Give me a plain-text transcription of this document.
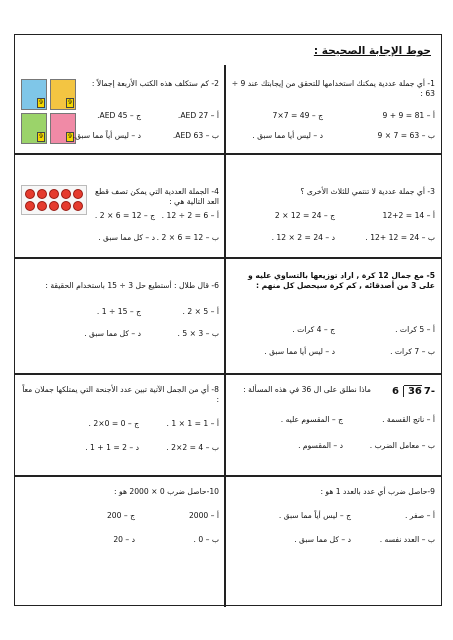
حوط الإجابة الصحيحة :
1- أي جملة عددية يمكنك استخدامها للتحقق من إيجابتك عند 9 ÷ 63 :
أ – 81 = 9 + 9
ج – 49 = 7×7
ب – 63 = 7 × 9
د – ليس أيا مما سبق .
2- كم ستكلف هذه الكتب الأربعة إجمالاً :
9
9
9
9
أ – 27 AED.
ج – 45 AED.
ب – 63 AED.
د – ليس أياً مما سبق.
3- أي جملة عددية لا تنتمي للثلاث الأخرى ؟
أ – 14 = 2+12
ج – 24 = 12 × 2
ب – 24 = 12 +12 .
د – 24 = 2 × 12 .
4- الجملة العددية التي يمكن تصف قطع العد التالية هي :
أ – 6 = 2 ÷ 12 .
ج – 12 = 6 × 2 .
ب – 12 = 6 × 2 .
د – كل مما سبق .
5- مع جمال 12 كرة , اراد توزيعها بالتساوي عليه و على 3 من أصدقائه , كم كرة سيحصل كل منهم :
أ – 5 كرات .
ج – 4 كرات .
ب – 7 كرات .
د – ليس أيا مما سبق .
6- قال طلال : أستطيع حل 3 ÷ 15 باستخدام الحقيقة :
أ – 5 × 2 .
ج – 15 ÷ 1 .
ب – 3 × 5 .
د – كل مما سبق .
6 36 7-
ماذا نطلق على ال 36 في هذه المسألة :
أ – ناتج القسمة .
ج – المقسوم عليه .
ب – معامل الضرب .
د – المقسوم .
8- أي من الجمل الآتية تبين عدد الأجنحة التي يمتلكها جملان معاً :
أ – 1 = 1 × 1 .
ج – 0 = 0×2 .
ب – 4 = 2×2 .
د – 2 = 1 + 1 .
9-حاصل ضرب أي عدد بالعدد 1 هو :
أ – صفر .
ج – ليس أياً مما سبق .
ب – العدد نفسه .
د – كل مما سبق .
10-حاصل ضرب 0 × 2000 هو :
أ – 2000
ج – 200
ب – 0 .
د – 20
